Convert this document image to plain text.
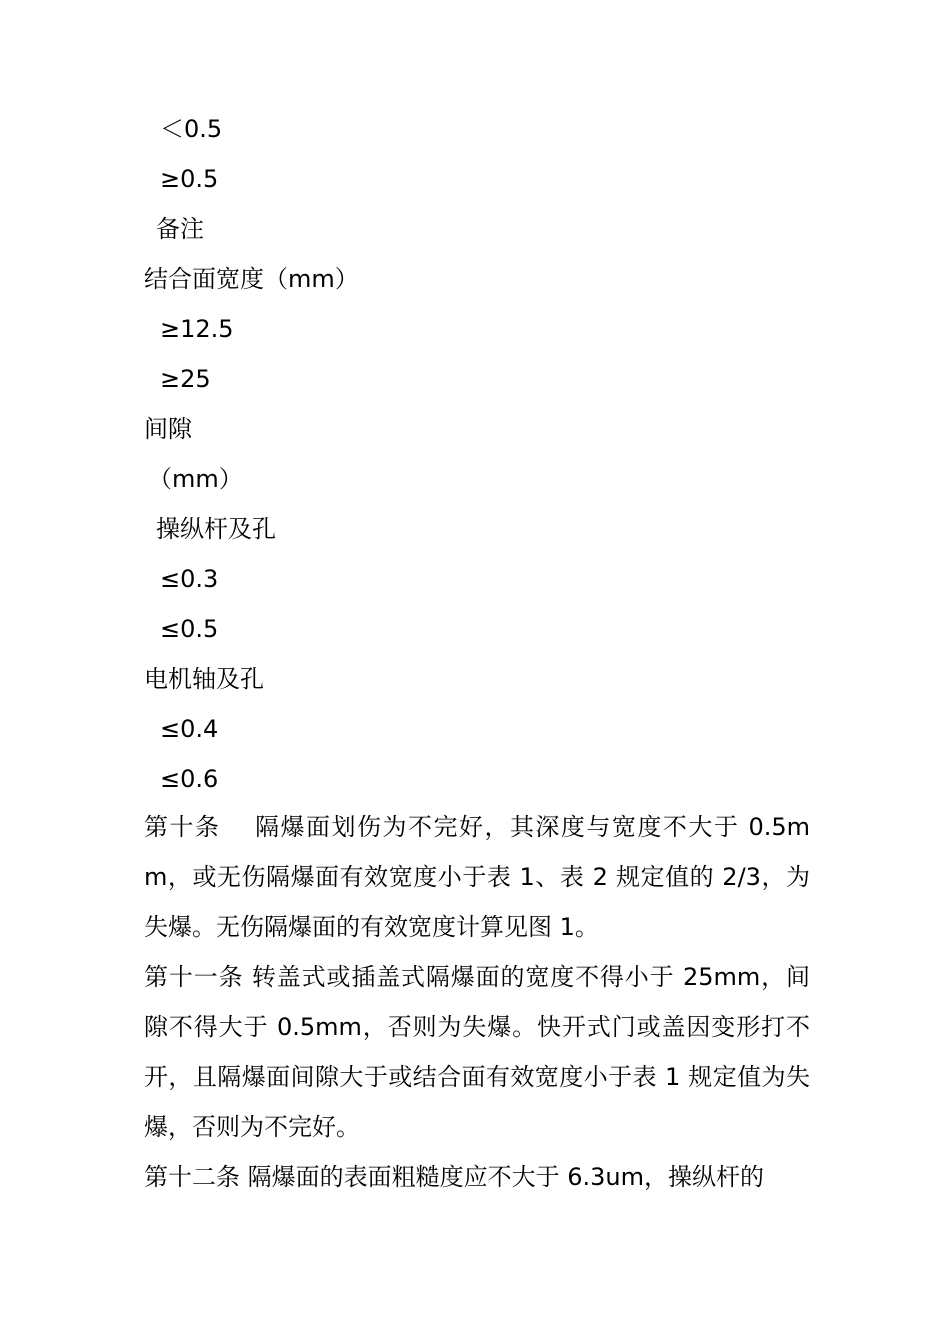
＜0.5
≥0.5
备注
结合面宽度（mm）
≥12.5
≥25
间隙
（mm）
操纵杆及孔
≤0.3
≤0.5
电机轴及孔
≤0.4
≤0.6
第十条　 隔爆面划伤为不完好，其深度与宽度不大于 0.5mm，或无伤隔爆面有效宽度小于表 1、表 2 规定值的 2/3，为失爆。无伤隔爆面的有效宽度计算见图 1。
第十一条 转盖式或插盖式隔爆面的宽度不得小于 25mm，间隙不得大于 0.5mm，否则为失爆。快开式门或盖因变形打不开，且隔爆面间隙大于或结合面有效宽度小于表 1 规定值为失爆，否则为不完好。
第十二条 隔爆面的表面粗糙度应不大于 6.3um，操纵杆的
